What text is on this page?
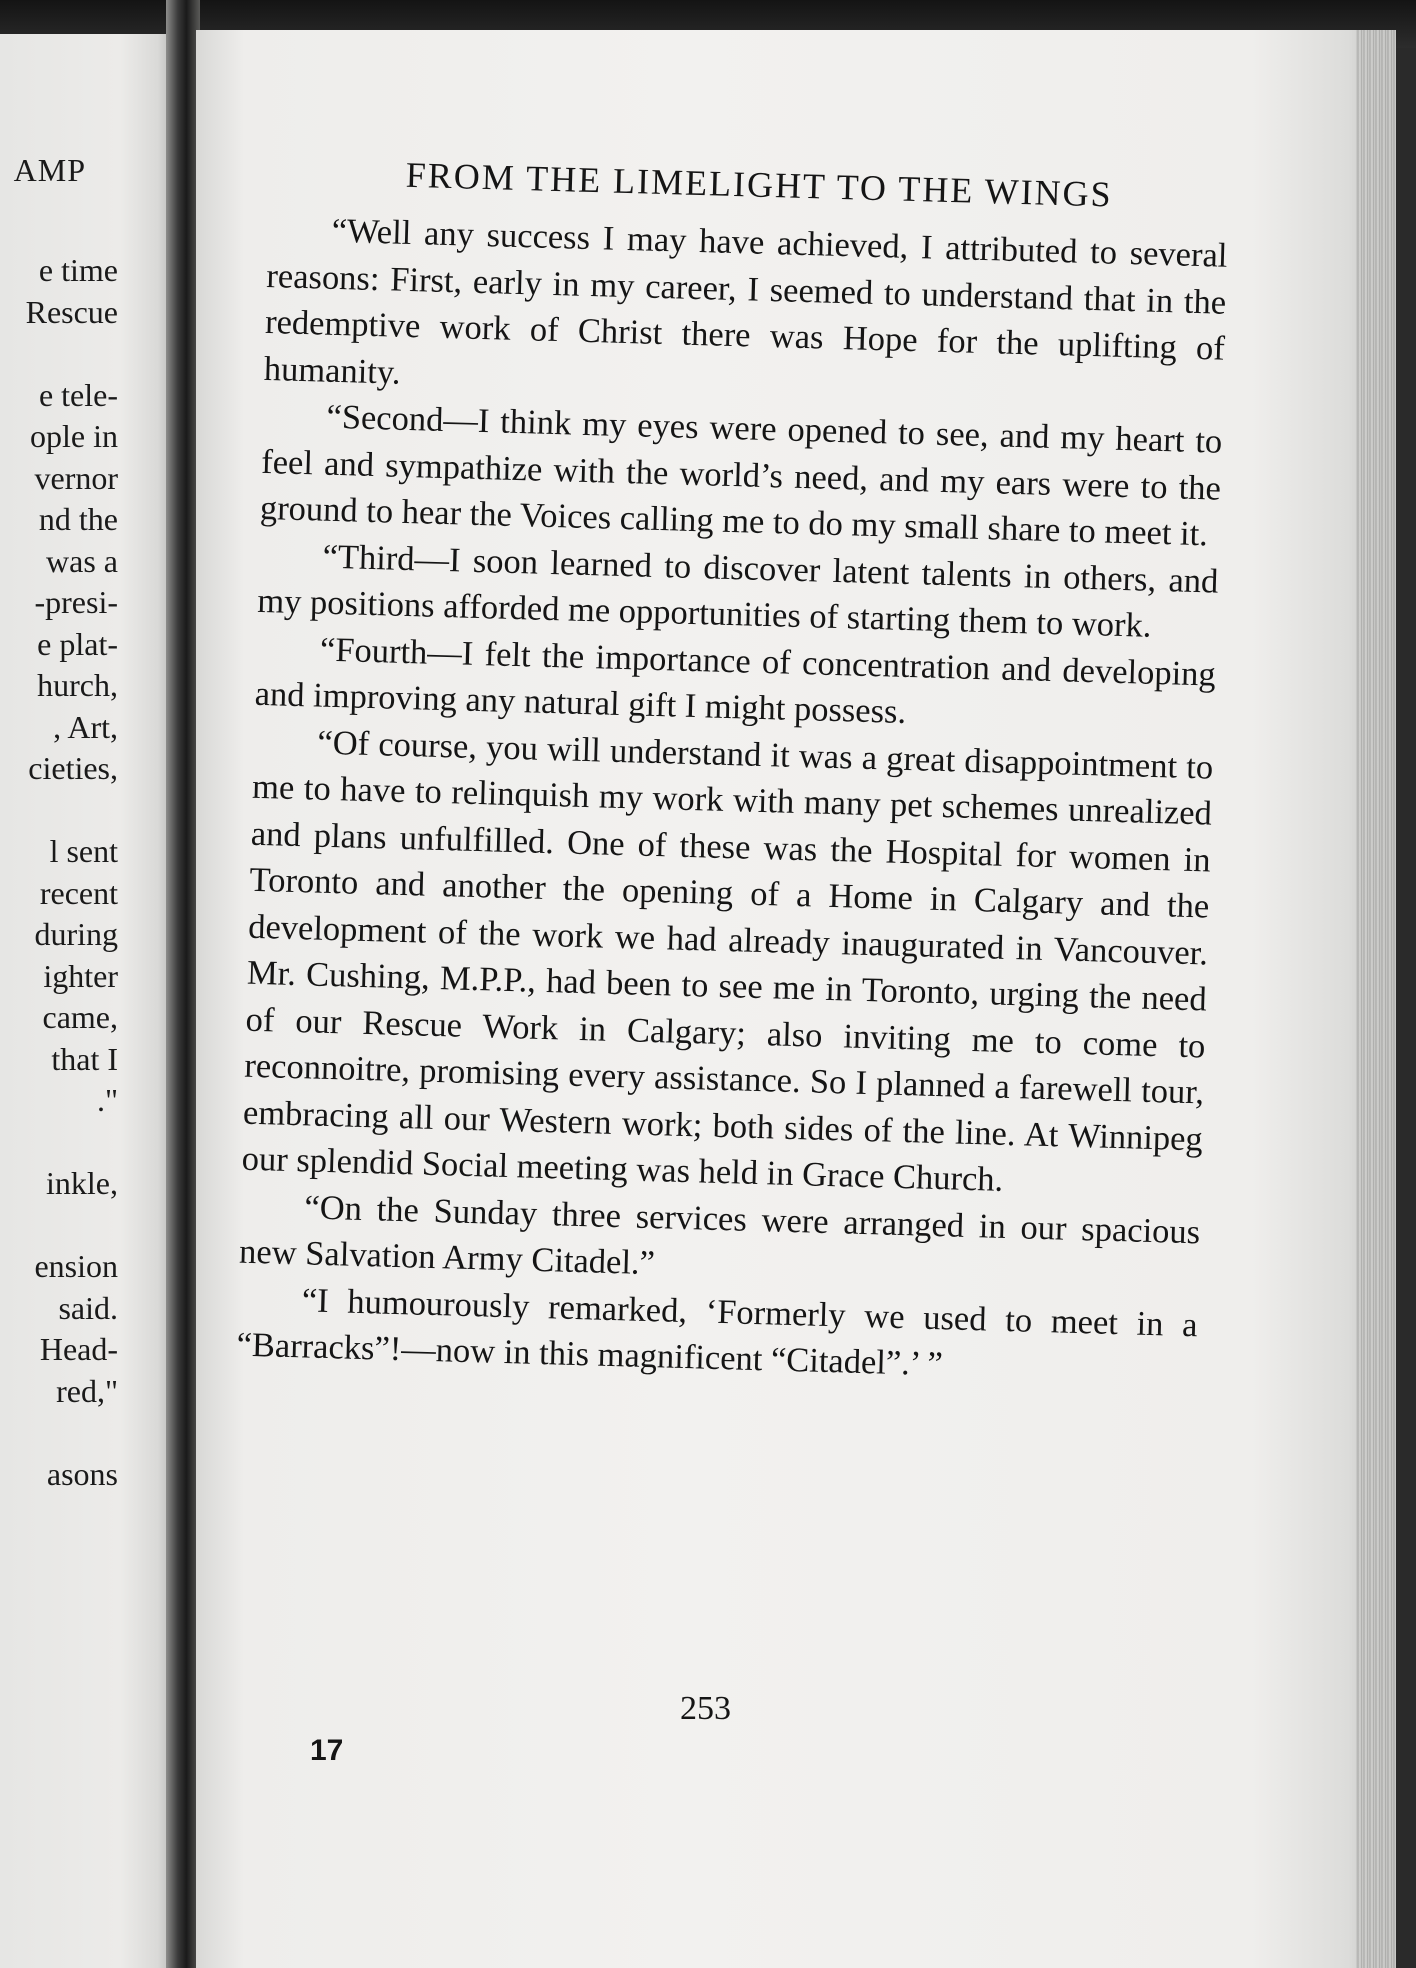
AMP
e time
Rescue
e tele-
ople in
vernor
nd the
was a
-presi-
e plat-
hurch,
, Art,
cieties,
l sent
recent
during
ighter
came,
that I
."
inkle,
ension
said.
Head-
red,"
asons
FROM THE LIMELIGHT TO THE WINGS

“Well any success I may have achieved, I attributed to several reasons: First, early in my career, I seemed to understand that in the redemptive work of Christ there was Hope for the uplifting of humanity.

“Second—I think my eyes were opened to see, and my heart to feel and sympathize with the world’s need, and my ears were to the ground to hear the Voices calling me to do my small share to meet it.

“Third—I soon learned to discover latent talents in others, and my positions afforded me opportunities of starting them to work.

“Fourth—I felt the importance of concentration and developing and improving any natural gift I might possess.

“Of course, you will understand it was a great disappointment to me to have to relinquish my work with many pet schemes unrealized and plans unfulfilled. One of these was the Hospital for women in Toronto and another the opening of a Home in Calgary and the development of the work we had already inaugurated in Vancouver. Mr. Cushing, M.P.P., had been to see me in Toronto, urging the need of our Rescue Work in Calgary; also inviting me to come to reconnoitre, promising every assistance. So I planned a farewell tour, embracing all our Western work; both sides of the line. At Winnipeg our splendid Social meeting was held in Grace Church.

“On the Sunday three services were arranged in our spacious new Salvation Army Citadel.”

“I humourously remarked, ‘Formerly we used to meet in a “Barracks”!—now in this magnificent “Citadel”.’ ”

253
17
